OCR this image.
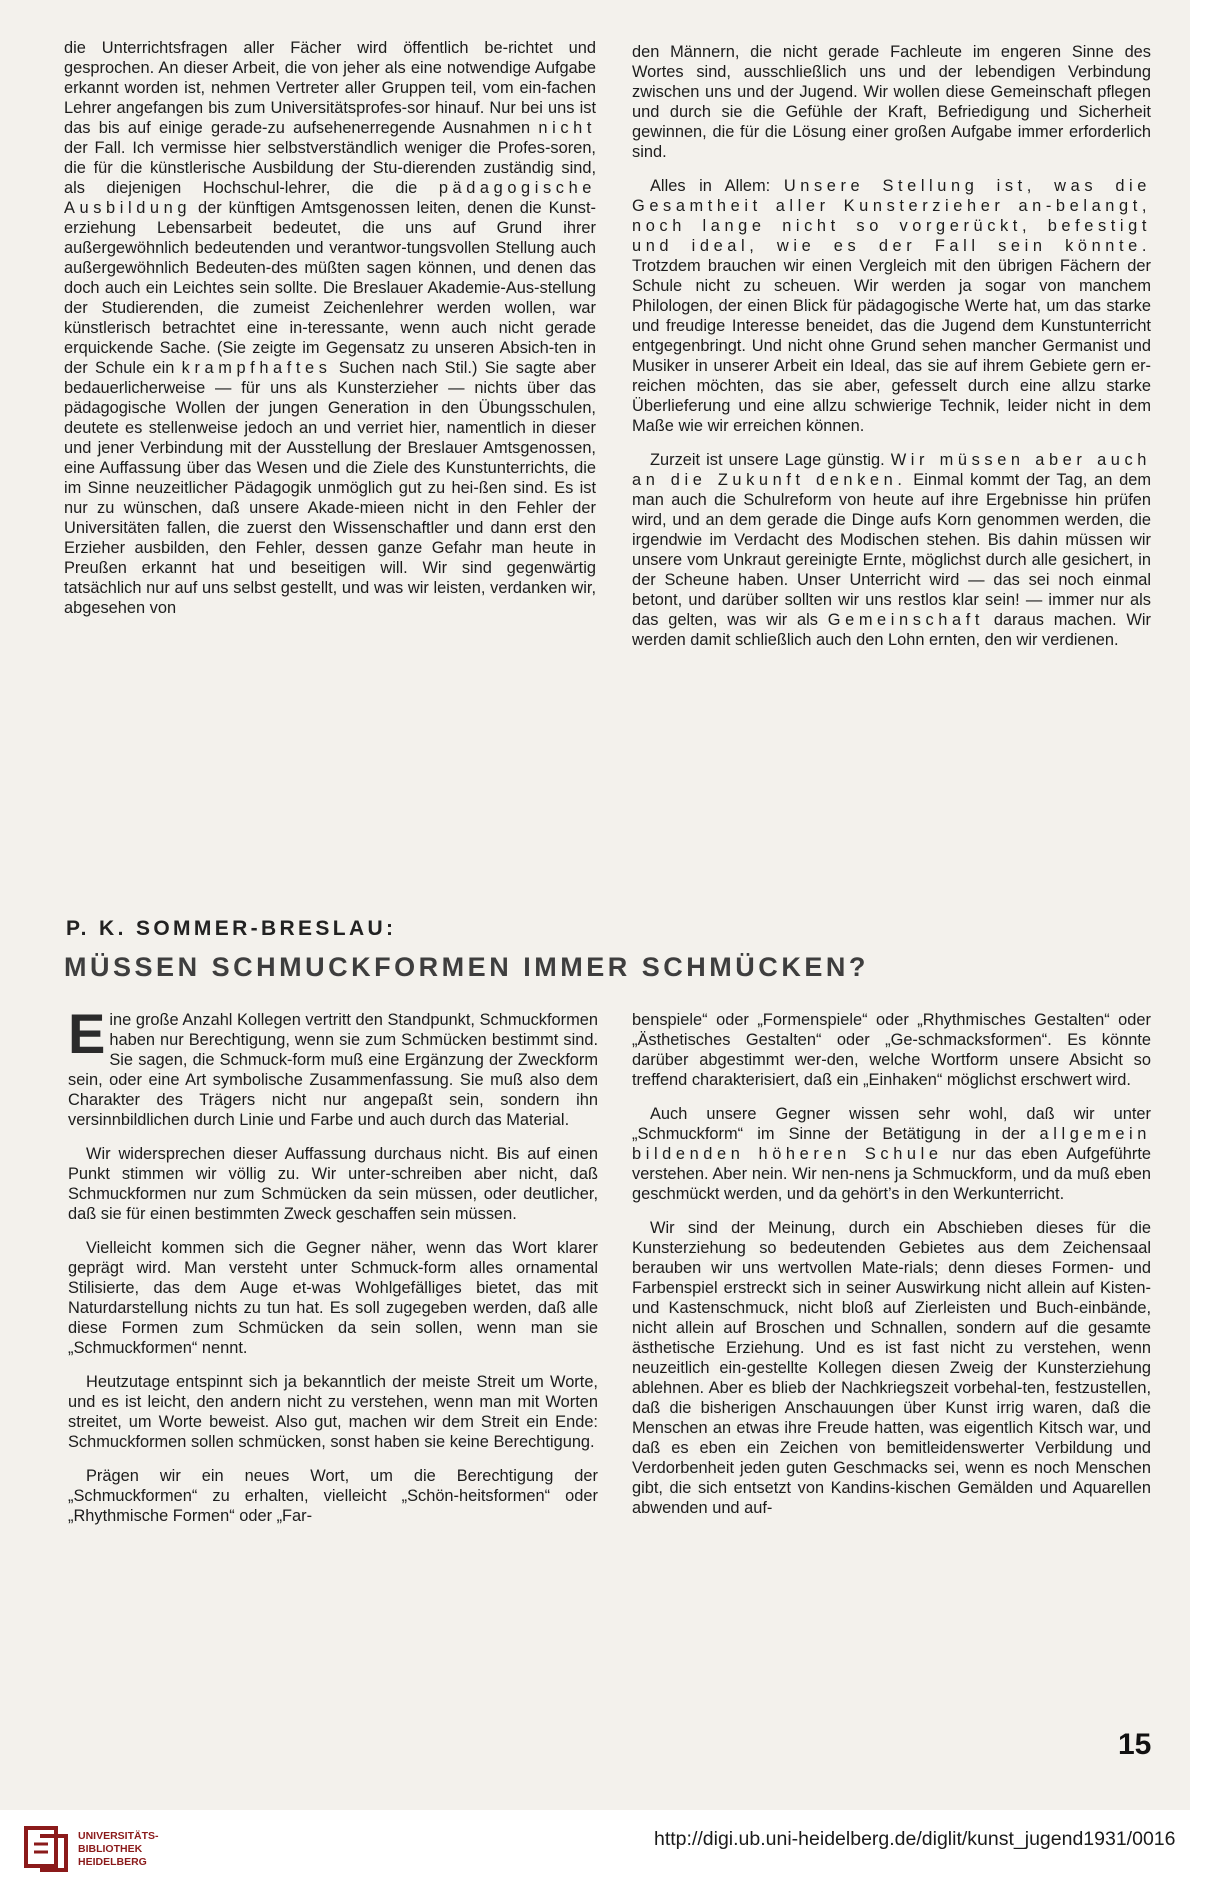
die Unterrichtsfragen aller Fächer wird öffentlich be-richtet und gesprochen. An dieser Arbeit, die von jeher als eine notwendige Aufgabe erkannt worden ist, nehmen Vertreter aller Gruppen teil, vom ein-fachen Lehrer angefangen bis zum Universitätsprofes-sor hinauf. Nur bei uns ist das bis auf einige gerade-zu aufsehenerregende Ausnahmen nicht der Fall. Ich vermisse hier selbstverständlich weniger die Profes-soren, die für die künstlerische Ausbildung der Stu-dierenden zuständig sind, als diejenigen Hochschul-lehrer, die die pädagogische Ausbildung der künftigen Amtsgenossen leiten, denen die Kunst-erziehung Lebensarbeit bedeutet, die uns auf Grund ihrer außergewöhnlich bedeutenden und verantwor-tungsvollen Stellung auch außergewöhnlich Bedeuten-des müßten sagen können, und denen das doch auch ein Leichtes sein sollte. Die Breslauer Akademie-Aus-stellung der Studierenden, die zumeist Zeichenlehrer werden wollen, war künstlerisch betrachtet eine in-teressante, wenn auch nicht gerade erquickende Sache. (Sie zeigte im Gegensatz zu unseren Absich-ten in der Schule ein krampfhaftes Suchen nach Stil.) Sie sagte aber bedauerlicherweise — für uns als Kunsterzieher — nichts über das pädagogische Wollen der jungen Generation in den Übungsschulen, deutete es stellenweise jedoch an und verriet hier, namentlich in dieser und jener Verbindung mit der Ausstellung der Breslauer Amtsgenossen, eine Auffassung über das Wesen und die Ziele des Kunstunterrichts, die im Sinne neuzeitlicher Pädagogik unmöglich gut zu hei-ßen sind. Es ist nur zu wünschen, daß unsere Akade-mieen nicht in den Fehler der Universitäten fallen, die zuerst den Wissenschaftler und dann erst den Erzieher ausbilden, den Fehler, dessen ganze Gefahr man heute in Preußen erkannt hat und beseitigen will. Wir sind gegenwärtig tatsächlich nur auf uns selbst gestellt, und was wir leisten, verdanken wir, abgesehen von

den Männern, die nicht gerade Fachleute im engeren Sinne des Wortes sind, ausschließlich uns und der lebendigen Verbindung zwischen uns und der Jugend. Wir wollen diese Gemeinschaft pflegen und durch sie die Gefühle der Kraft, Befriedigung und Sicherheit gewinnen, die für die Lösung einer großen Aufgabe immer erforderlich sind.

Alles in Allem: Unsere Stellung ist, was die Gesamtheit aller Kunsterzieher an-belangt, noch lange nicht so vorgerückt, befestigt und ideal, wie es der Fall sein könnte. Trotzdem brauchen wir einen Vergleich mit den übrigen Fächern der Schule nicht zu scheuen. Wir werden ja sogar von manchem Philologen, der einen Blick für pädagogische Werte hat, um das starke und freudige Interesse beneidet, das die Jugend dem Kunstunterricht entgegenbringt. Und nicht ohne Grund sehen mancher Germanist und Musiker in unserer Arbeit ein Ideal, das sie auf ihrem Gebiete gern er-reichen möchten, das sie aber, gefesselt durch eine allzu starke Überlieferung und eine allzu schwierige Technik, leider nicht in dem Maße wie wir erreichen können.

Zurzeit ist unsere Lage günstig. Wir müssen aber auch an die Zukunft denken. Einmal kommt der Tag, an dem man auch die Schulreform von heute auf ihre Ergebnisse hin prüfen wird, und an dem gerade die Dinge aufs Korn genommen werden, die irgendwie im Verdacht des Modischen stehen. Bis dahin müssen wir unsere vom Unkraut gereinigte Ernte, möglichst durch alle gesichert, in der Scheune haben. Unser Unterricht wird — das sei noch einmal betont, und darüber sollten wir uns restlos klar sein! — immer nur als das gelten, was wir als Gemeinschaft daraus machen. Wir werden damit schließlich auch den Lohn ernten, den wir verdienen.

P. K. SOMMER-BRESLAU:
MÜSSEN SCHMUCKFORMEN IMMER SCHMÜCKEN?

Eine große Anzahl Kollegen vertritt den Standpunkt, Schmuckformen haben nur Berechtigung, wenn sie zum Schmücken bestimmt sind. Sie sagen, die Schmuck-form muß eine Ergänzung der Zweckform sein, oder eine Art symbolische Zusammenfassung. Sie muß also dem Charakter des Trägers nicht nur angepaßt sein, sondern ihn versinnbildlichen durch Linie und Farbe und auch durch das Material.

Wir widersprechen dieser Auffassung durchaus nicht. Bis auf einen Punkt stimmen wir völlig zu. Wir unter-schreiben aber nicht, daß Schmuckformen nur zum Schmücken da sein müssen, oder deutlicher, daß sie für einen bestimmten Zweck geschaffen sein müssen.

Vielleicht kommen sich die Gegner näher, wenn das Wort klarer geprägt wird. Man versteht unter Schmuck-form alles ornamental Stilisierte, das dem Auge et-was Wohlgefälliges bietet, das mit Naturdarstellung nichts zu tun hat. Es soll zugegeben werden, daß alle diese Formen zum Schmücken da sein sollen, wenn man sie „Schmuckformen“ nennt.

Heutzutage entspinnt sich ja bekanntlich der meiste Streit um Worte, und es ist leicht, den andern nicht zu verstehen, wenn man mit Worten streitet, um Worte beweist. Also gut, machen wir dem Streit ein Ende: Schmuckformen sollen schmücken, sonst haben sie keine Berechtigung.

Prägen wir ein neues Wort, um die Berechtigung der „Schmuckformen“ zu erhalten, vielleicht „Schön-heitsformen“ oder „Rhythmische Formen“ oder „Far-

benspiele“ oder „Formenspiele“ oder „Rhythmisches Gestalten“ oder „Ästhetisches Gestalten“ oder „Ge-schmacksformen“. Es könnte darüber abgestimmt wer-den, welche Wortform unsere Absicht so treffend charakterisiert, daß ein „Einhaken“ möglichst erschwert wird.

Auch unsere Gegner wissen sehr wohl, daß wir unter „Schmuckform“ im Sinne der Betätigung in der allgemein bildenden höheren Schule nur das eben Aufgeführte verstehen. Aber nein. Wir nen-nens ja Schmuckform, und da muß eben geschmückt werden, und da gehört’s in den Werkunterricht.

Wir sind der Meinung, durch ein Abschieben dieses für die Kunsterziehung so bedeutenden Gebietes aus dem Zeichensaal berauben wir uns wertvollen Mate-rials; denn dieses Formen- und Farbenspiel erstreckt sich in seiner Auswirkung nicht allein auf Kisten- und Kastenschmuck, nicht bloß auf Zierleisten und Buch-einbände, nicht allein auf Broschen und Schnallen, sondern auf die gesamte ästhetische Erziehung. Und es ist fast nicht zu verstehen, wenn neuzeitlich ein-gestellte Kollegen diesen Zweig der Kunsterziehung ablehnen. Aber es blieb der Nachkriegszeit vorbehal-ten, festzustellen, daß die bisherigen Anschauungen über Kunst irrig waren, daß die Menschen an etwas ihre Freude hatten, was eigentlich Kitsch war, und daß es eben ein Zeichen von bemitleidenswerter Verbildung und Verdorbenheit jeden guten Geschmacks sei, wenn es noch Menschen gibt, die sich entsetzt von Kandins-kischen Gemälden und Aquarellen abwenden und auf-

15
UNIVERSITÄTS-
BIBLIOTHEK
HEIDELBERG
http://digi.ub.uni-heidelberg.de/diglit/kunst_jugend1931/0016
